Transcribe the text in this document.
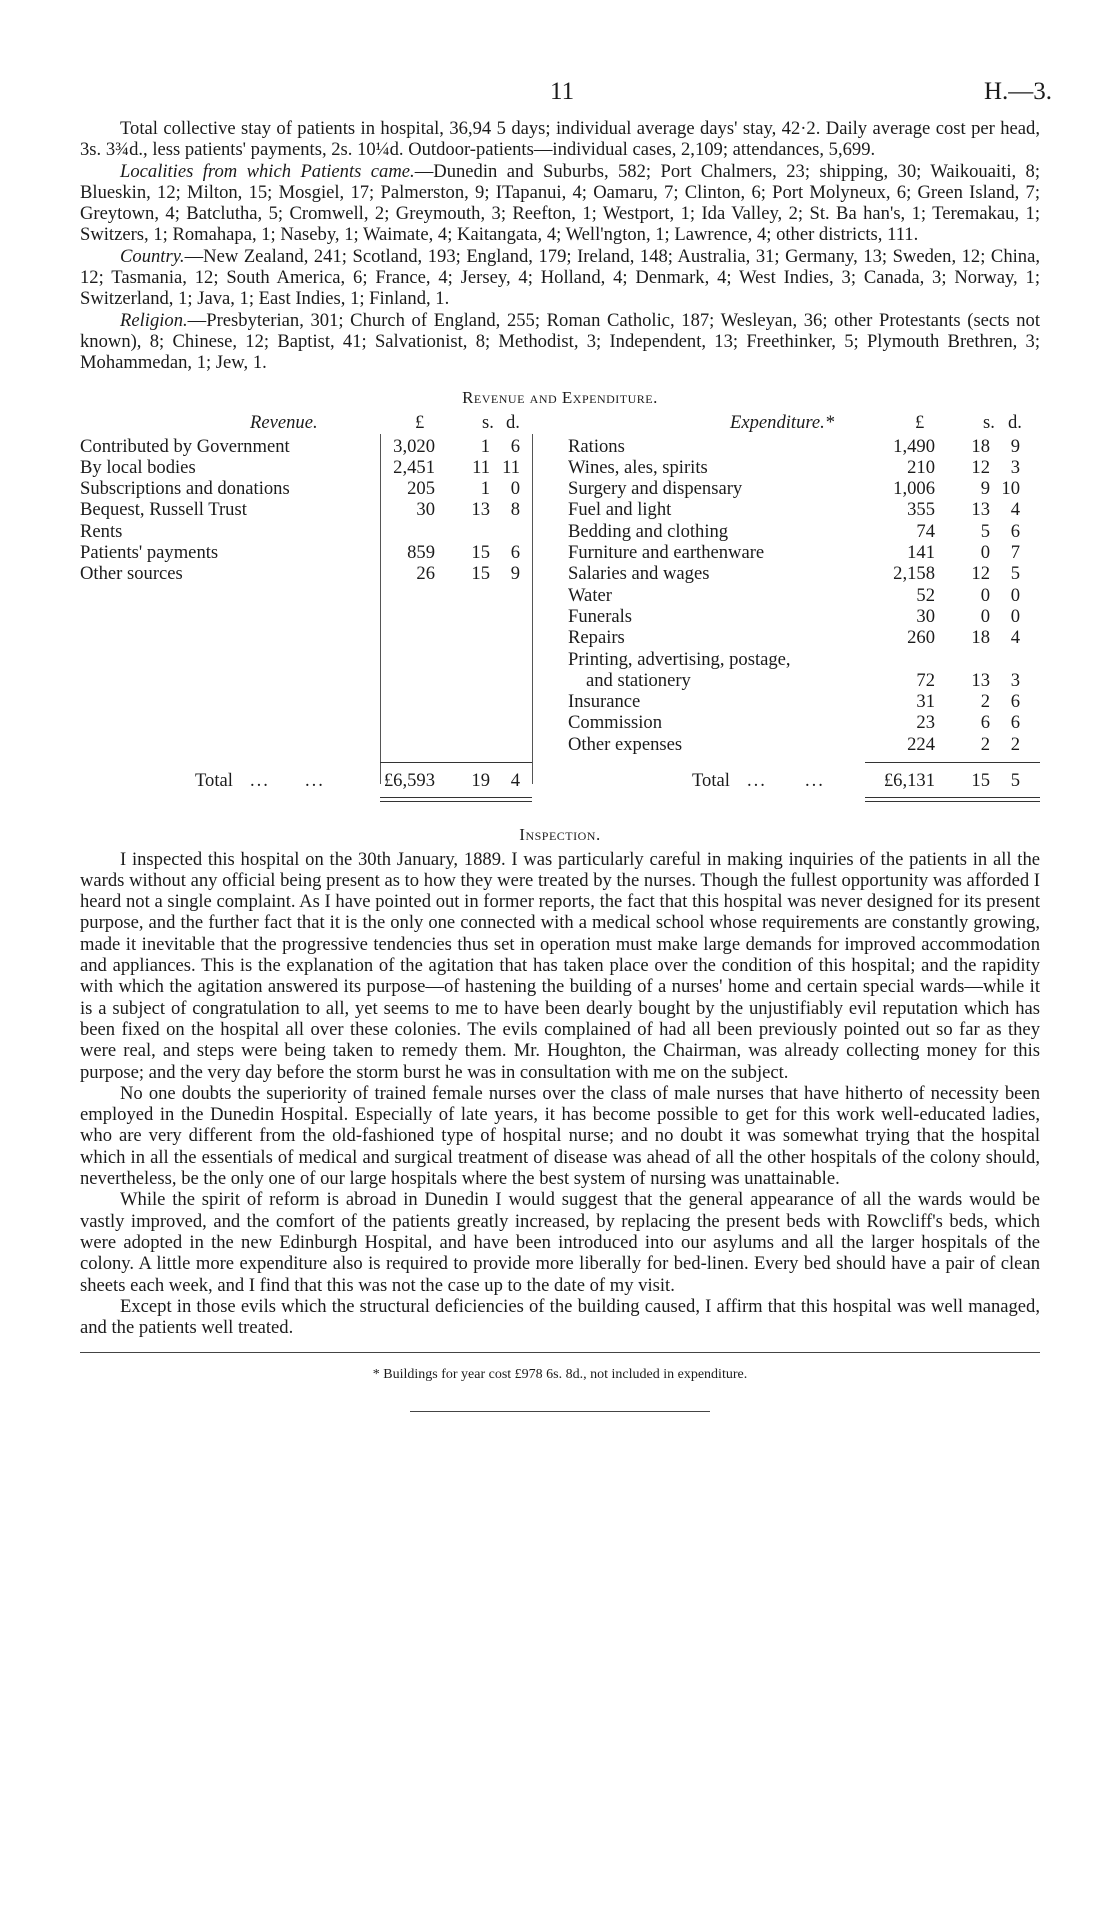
11	H.—3.

Total collective stay of patients in hospital, 36,94 5 days; individual average days' stay, 42·2. Daily average cost per head, 3s. 3¾d., less patients' payments, 2s. 10¼d. Outdoor-patients—individual cases, 2,109; attendances, 5,699.

Localities from which Patients came.—Dunedin and Suburbs, 582; Port Chalmers, 23; shipping, 30; Waikouaiti, 8; Blueskin, 12; Milton, 15; Mosgiel, 17; Palmerston, 9; ITapanui, 4; Oamaru, 7; Clinton, 6; Port Molyneux, 6; Green Island, 7; Greytown, 4; Batclutha, 5; Cromwell, 2; Greymouth, 3; Reefton, 1; Westport, 1; Ida Valley, 2; St. Ba han's, 1; Teremakau, 1; Switzers, 1; Romahapa, 1; Naseby, 1; Waimate, 4; Kaitangata, 4; Well'ngton, 1; Lawrence, 4; other districts, 111.

Country.—New Zealand, 241; Scotland, 193; England, 179; Ireland, 148; Australia, 31; Germany, 13; Sweden, 12; China, 12; Tasmania, 12; South America, 6; France, 4; Jersey, 4; Holland, 4; Denmark, 4; West Indies, 3; Canada, 3; Norway, 1; Switzerland, 1; Java, 1; East Indies, 1; Finland, 1.

Religion.—Presbyterian, 301; Church of England, 255; Roman Catholic, 187; Wesleyan, 36; other Protestants (sects not known), 8; Chinese, 12; Baptist, 41; Salvationist, 8; Methodist, 3; Independent, 13; Freethinker, 5; Plymouth Brethren, 3; Mohammedan, 1; Jew, 1.

Revenue and Expenditure.
Revenue.	Expenditure.*
£	s. d.	£	s. d.
Contributed by Government	3,020	1	6
By local bodies	2,451	11 11
Subscriptions and donations	205	1	0
Bequest, Russell Trust	30	13	8
Rents
Patients' payments	859	15	6
Other sources	26	15	9
Rations	1,490	18	9
Wines, ales, spirits	210	12	3
Surgery and dispensary	1,006	9 10
Fuel and light	355	13	4
Bedding and clothing	74	5	6
Furniture and earthenware	141	0	7
Salaries and wages	2,158	12	5
Water	52	0	0
Funerals	30	0	0
Repairs	260	18	4
Printing, advertising, postage,
and stationery	72	13	3
Insurance	31	2	6
Commission	23	6	6
Other expenses	224	2	2
Total ... ...	£6,593	19	4	Total ... ...	£6,131	15	5
Inspection.

I inspected this hospital on the 30th January, 1889. I was particularly careful in making inquiries of the patients in all the wards without any official being present as to how they were treated by the nurses. Though the fullest opportunity was afforded I heard not a single complaint. As I have pointed out in former reports, the fact that this hospital was never designed for its present purpose, and the further fact that it is the only one connected with a medical school whose requirements are constantly growing, made it inevitable that the progressive tendencies thus set in operation must make large demands for improved accommodation and appliances. This is the explanation of the agitation that has taken place over the condition of this hospital; and the rapidity with which the agitation answered its purpose—of hastening the building of a nurses' home and certain special wards—while it is a subject of congratulation to all, yet seems to me to have been dearly bought by the unjustifiably evil reputation which has been fixed on the hospital all over these colonies. The evils complained of had all been previously pointed out so far as they were real, and steps were being taken to remedy them. Mr. Houghton, the Chairman, was already collecting money for this purpose; and the very day before the storm burst he was in consultation with me on the subject.

No one doubts the superiority of trained female nurses over the class of male nurses that have hitherto of necessity been employed in the Dunedin Hospital. Especially of late years, it has become possible to get for this work well-educated ladies, who are very different from the old-fashioned type of hospital nurse; and no doubt it was somewhat trying that the hospital which in all the essentials of medical and surgical treatment of disease was ahead of all the other hospitals of the colony should, nevertheless, be the only one of our large hospitals where the best system of nursing was unattainable.

While the spirit of reform is abroad in Dunedin I would suggest that the general appearance of all the wards would be vastly improved, and the comfort of the patients greatly increased, by replacing the present beds with Rowcliff's beds, which were adopted in the new Edinburgh Hospital, and have been introduced into our asylums and all the larger hospitals of the colony. A little more expenditure also is required to provide more liberally for bed-linen. Every bed should have a pair of clean sheets each week, and I find that this was not the case up to the date of my visit.

Except in those evils which the structural deficiencies of the building caused, I affirm that this hospital was well managed, and the patients well treated.

* Buildings for year cost £978 6s. 8d., not included in expenditure.
